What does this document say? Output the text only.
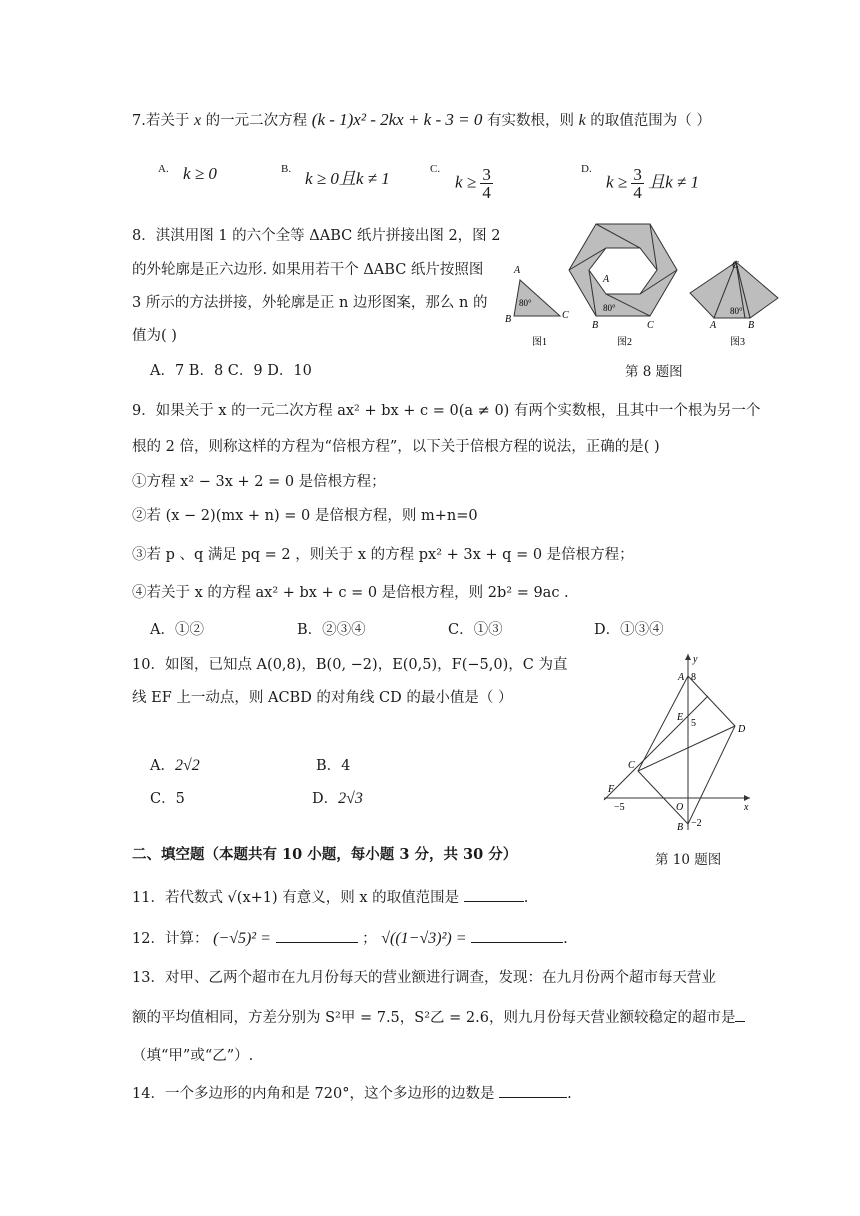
7.若关于 x 的一元二次方程 (k - 1)x² - 2kx + k - 3 = 0 有实数根，则 k 的取值范围为（ ）
A. k ≥ 0	B. k ≥ 0且k ≠ 1	C.
$k \ge \frac{3}{4}$	D.
$k \ge \frac{3}{4}$ 且k ≠ 1
8．淇淇用图 1 的六个全等 ΔABC 纸片拼接出图 2，图 2
的外轮廓是正六边形. 如果用若干个 ΔABC 纸片按照图
3 所示的方法拼接，外轮廓是正 n 边形图案，那么 n 的
值为( )
A．7 B．8 C．9 D．10
A
B	C
80°
图1
A
B	C
80°
图2
C
A	B
80°
图3
第 8 题图
9．如果关于 x 的一元二次方程 ax² + bx + c = 0(a ≠ 0) 有两个实数根，且其中一个根为另一个
根的 2 倍，则称这样的方程为“倍根方程”，以下关于倍根方程的说法，正确的是( )
①方程 x² − 3x + 2 = 0 是倍根方程；
②若 (x − 2)(mx + n) = 0 是倍根方程，则 m+n=0
③若 p 、q 满足 pq = 2 ，则关于 x 的方程 px² + 3x + q = 0 是倍根方程；
④若关于 x 的方程 ax² + bx + c = 0 是倍根方程，则 2b² = 9ac .
A．①②	B．②③④	C．①③	D．①③④
10．如图，已知点 A(0,8)，B(0, −2)，E(0,5)，F(−5,0)，C 为直
线 EF 上一动点，则 ACBD 的对角线 CD 的最小值是（ ）
A．2√2	B．4
C．5	D．2√3
y
x
A 8
E
5
D
C
F
−5	O
B −2
第 10 题图
二、填空题（本题共有 10 小题，每小题 3 分，共 30 分）
11．若代数式 √(x+1) 有意义，则 x 的取值范围是	.
12．计算： (−√5)² =	； √((1−√3)²) =	.
13．对甲、乙两个超市在九月份每天的营业额进行调查，发现：在九月份两个超市每天营业
额的平均值相同，方差分别为 S²甲 = 7.5，S²乙 = 2.6，则九月份每天营业额较稳定的超市是
（填“甲”或“乙”）.
14．一个多边形的内角和是 720°，这个多边形的边数是	.
